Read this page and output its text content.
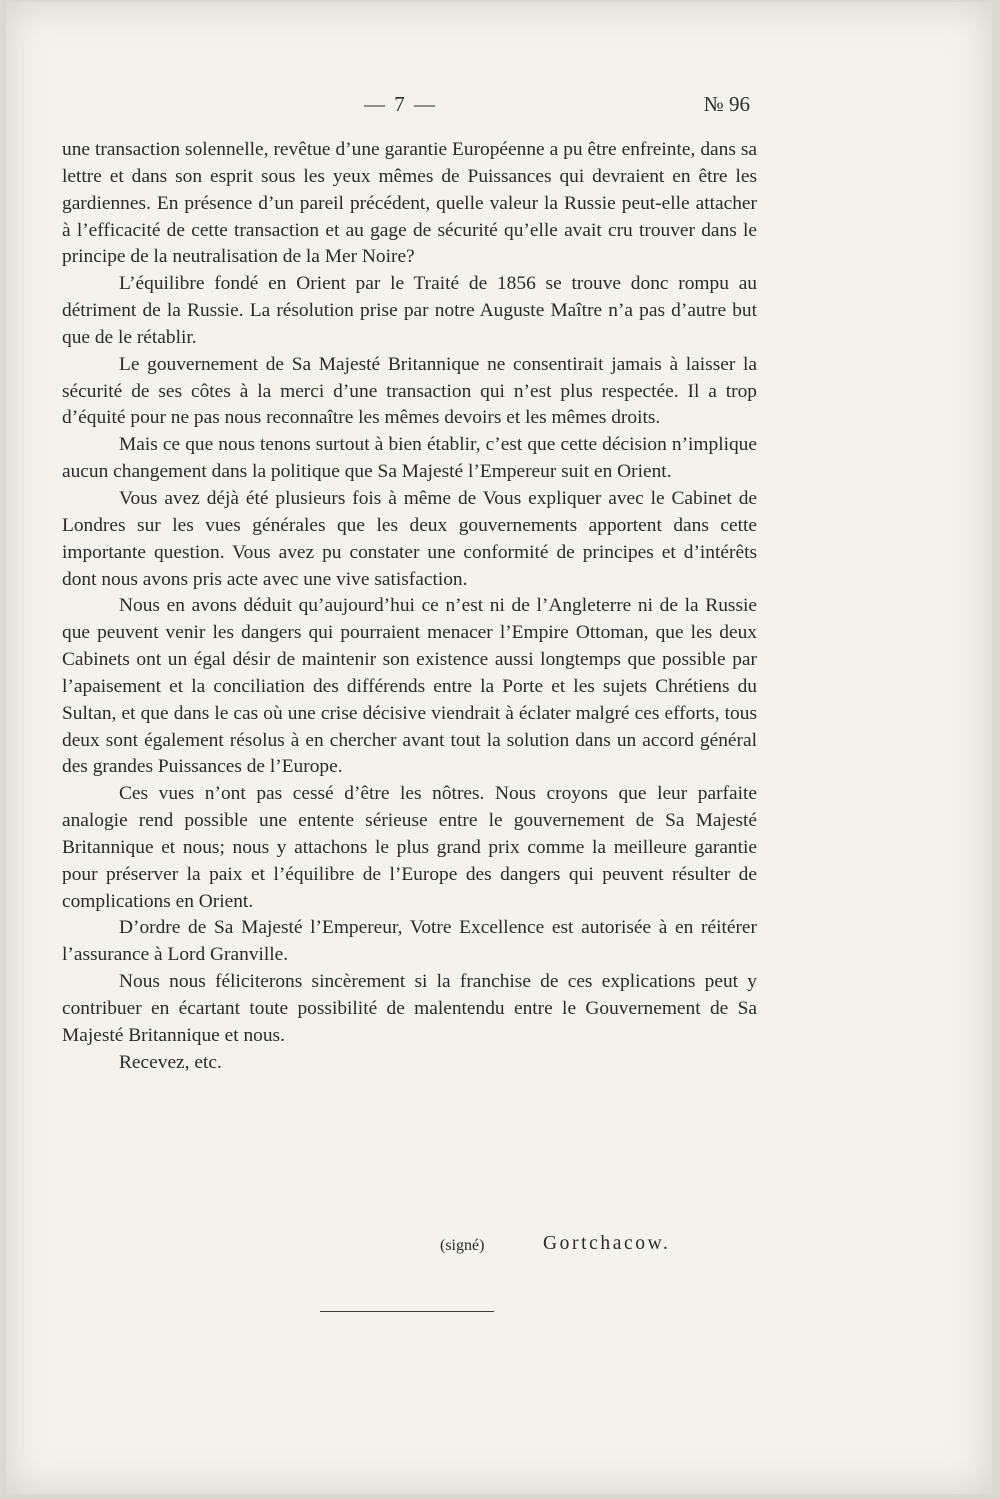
— 7 —	№ 96

une transaction solennelle, revêtue d’une garantie Européenne a pu être enfreinte, dans sa lettre et dans son esprit sous les yeux mêmes de Puissances qui devraient en être les gardiennes. En présence d’un pareil précédent, quelle valeur la Russie peut-elle attacher à l’efficacité de cette transaction et au gage de sécurité qu’elle avait cru trouver dans le principe de la neutralisation de la Mer Noire?

L’équilibre fondé en Orient par le Traité de 1856 se trouve donc rompu au détriment de la Russie. La résolution prise par notre Auguste Maître n’a pas d’autre but que de le rétablir.

Le gouvernement de Sa Majesté Britannique ne consentirait jamais à laisser la sécurité de ses côtes à la merci d’une transaction qui n’est plus respectée. Il a trop d’équité pour ne pas nous reconnaître les mêmes devoirs et les mêmes droits.

Mais ce que nous tenons surtout à bien établir, c’est que cette décision n’implique aucun changement dans la politique que Sa Majesté l’Empereur suit en Orient.

Vous avez déjà été plusieurs fois à même de Vous expliquer avec le Cabinet de Londres sur les vues générales que les deux gouvernements apportent dans cette importante question. Vous avez pu constater une conformité de principes et d’intérêts dont nous avons pris acte avec une vive satisfaction.

Nous en avons déduit qu’aujourd’hui ce n’est ni de l’Angleterre ni de la Russie que peuvent venir les dangers qui pourraient menacer l’Empire Ottoman, que les deux Cabinets ont un égal désir de maintenir son existence aussi longtemps que possible par l’apaisement et la conciliation des différends entre la Porte et les sujets Chrétiens du Sultan, et que dans le cas où une crise décisive viendrait à éclater malgré ces efforts, tous deux sont également résolus à en chercher avant tout la solution dans un accord général des grandes Puissances de l’Europe.

Ces vues n’ont pas cessé d’être les nôtres. Nous croyons que leur parfaite analogie rend possible une entente sérieuse entre le gouvernement de Sa Majesté Britannique et nous; nous y attachons le plus grand prix comme la meilleure garantie pour préserver la paix et l’équilibre de l’Europe des dangers qui peuvent résulter de complications en Orient.

D’ordre de Sa Majesté l’Empereur, Votre Excellence est autorisée à en réitérer l’assurance à Lord Granville.

Nous nous féliciterons sincèrement si la franchise de ces explications peut y contribuer en écartant toute possibilité de malentendu entre le Gouvernement de Sa Majesté Britannique et nous.

Recevez, etc.

(signé)	Gortchacow.
